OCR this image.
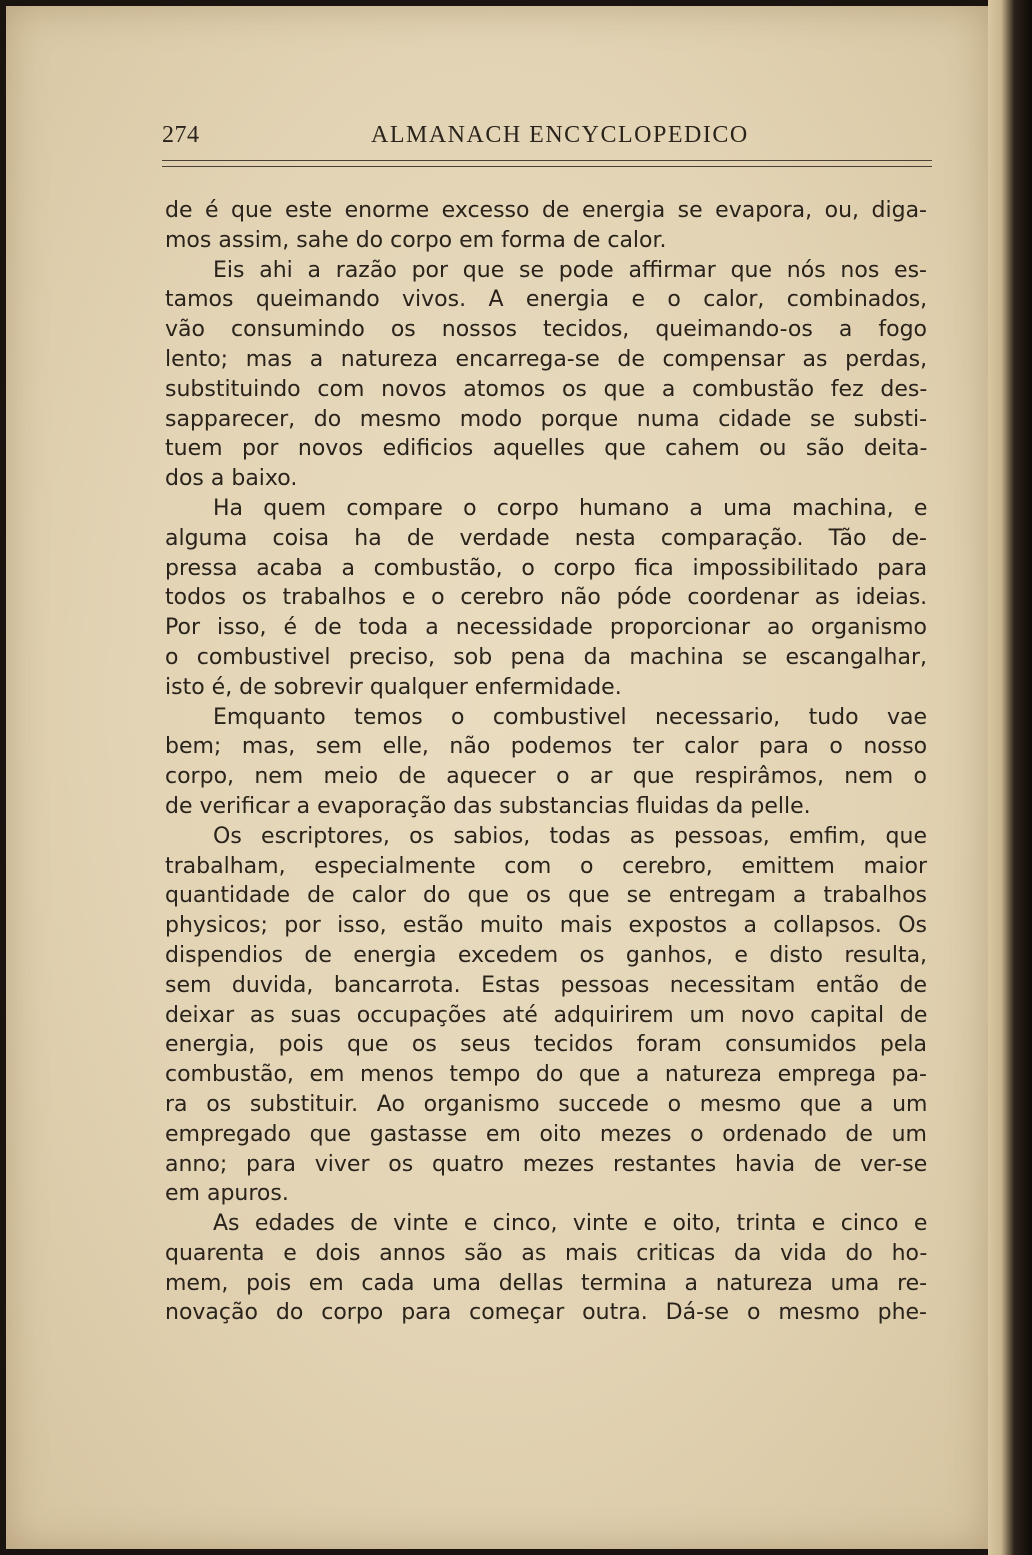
274	ALMANACH ENCYCLOPEDICO
de é que este enorme excesso de energia se evapora, ou, diga-
mos assim, sahe do corpo em forma de calor.
Eis ahi a razão por que se pode affirmar que nós nos es-
tamos queimando vivos. A energia e o calor, combinados,
vão consumindo os nossos tecidos, queimando-os a fogo
lento; mas a natureza encarrega-se de compensar as perdas,
substituindo com novos atomos os que a combustão fez des-
sapparecer, do mesmo modo porque numa cidade se substi-
tuem por novos edificios aquelles que cahem ou são deita-
dos a baixo.
Ha quem compare o corpo humano a uma machina, e
alguma coisa ha de verdade nesta comparação. Tão de-
pressa acaba a combustão, o corpo fica impossibilitado para
todos os trabalhos e o cerebro não póde coordenar as ideias.
Por isso, é de toda a necessidade proporcionar ao organismo
o combustivel preciso, sob pena da machina se escangalhar,
isto é, de sobrevir qualquer enfermidade.
Emquanto temos o combustivel necessario, tudo vae
bem; mas, sem elle, não podemos ter calor para o nosso
corpo, nem meio de aquecer o ar que respirâmos, nem o
de verificar a evaporação das substancias fluidas da pelle.
Os escriptores, os sabios, todas as pessoas, emfim, que
trabalham, especialmente com o cerebro, emittem maior
quantidade de calor do que os que se entregam a trabalhos
physicos; por isso, estão muito mais expostos a collapsos. Os
dispendios de energia excedem os ganhos, e disto resulta,
sem duvida, bancarrota. Estas pessoas necessitam então de
deixar as suas occupações até adquirirem um novo capital de
energia, pois que os seus tecidos foram consumidos pela
combustão, em menos tempo do que a natureza emprega pa-
ra os substituir. Ao organismo succede o mesmo que a um
empregado que gastasse em oito mezes o ordenado de um
anno; para viver os quatro mezes restantes havia de ver-se
em apuros.
As edades de vinte e cinco, vinte e oito, trinta e cinco e
quarenta e dois annos são as mais criticas da vida do ho-
mem, pois em cada uma dellas termina a natureza uma re-
novação do corpo para começar outra. Dá-se o mesmo phe-
